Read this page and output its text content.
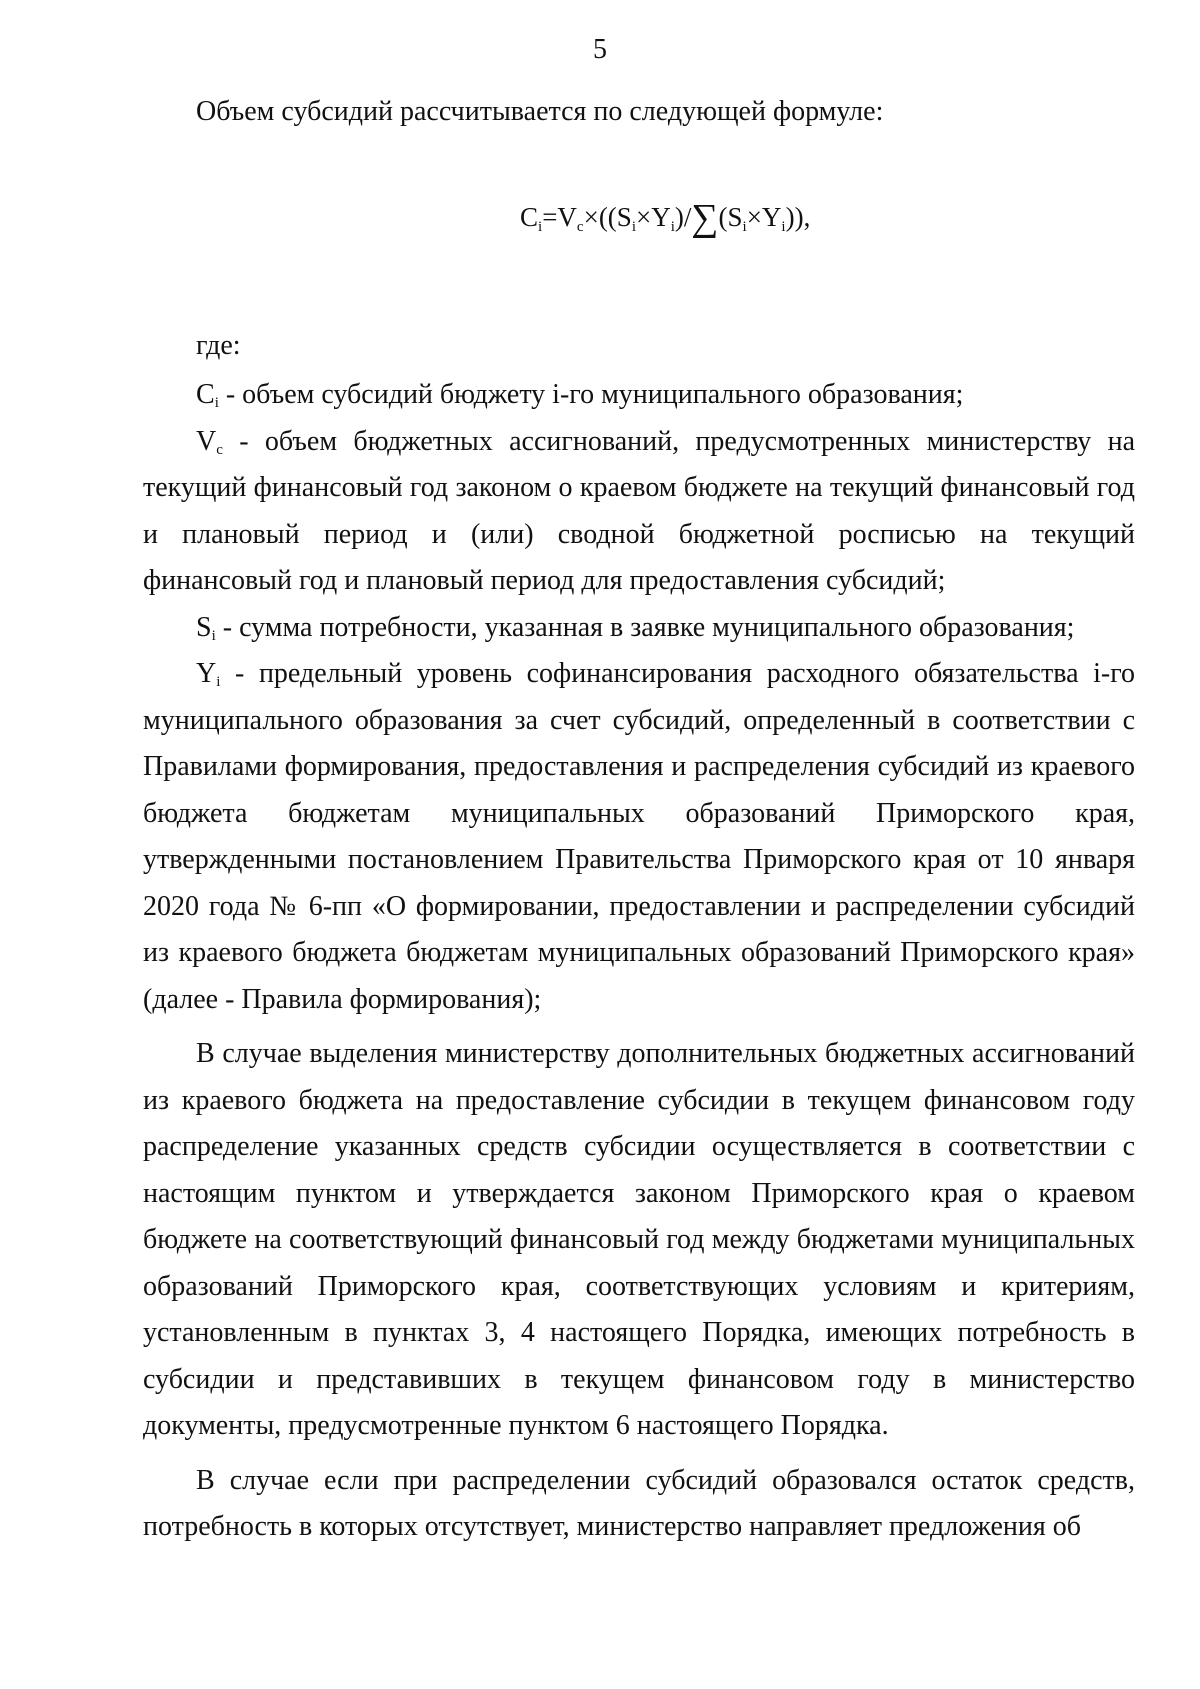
5
Объем субсидий рассчитывается по следующей формуле:
$C_i=V_c\times((S_i\times Y_i)/\sum(S_i\times Y_i))$,
где:

$C_i$ - объем субсидий бюджету i-го муниципального образования;

$V_c$ - объем бюджетных ассигнований, предусмотренных министерству на текущий финансовый год законом о краевом бюджете на текущий финансовый год и плановый период и (или) сводной бюджетной росписью на текущий финансовый год и плановый период для предоставления субсидий;

$S_i$ - сумма потребности, указанная в заявке муниципального образования;

$Y_i$ - предельный уровень софинансирования расходного обязательства i-го муниципального образования за счет субсидий, определенный в соответствии с Правилами формирования, предоставления и распределения субсидий из краевого бюджета бюджетам муниципальных образований Приморского края, утвержденными постановлением Правительства Приморского края от 10 января 2020 года № 6-пп «О формировании, предоставлении и распределении субсидий из краевого бюджета бюджетам муниципальных образований Приморского края» (далее - Правила формирования);

В случае выделения министерству дополнительных бюджетных ассигнований из краевого бюджета на предоставление субсидии в текущем финансовом году распределение указанных средств субсидии осуществляется в соответствии с настоящим пунктом и утверждается законом Приморского края о краевом бюджете на соответствующий финансовый год между бюджетами муниципальных образований Приморского края, соответствующих условиям и критериям, установленным в пунктах 3, 4 настоящего Порядка, имеющих потребность в субсидии и представивших в текущем финансовом году в министерство документы, предусмотренные пунктом 6 настоящего Порядка.

В случае если при распределении субсидий образовался остаток средств, потребность в которых отсутствует, министерство направляет предложения об
